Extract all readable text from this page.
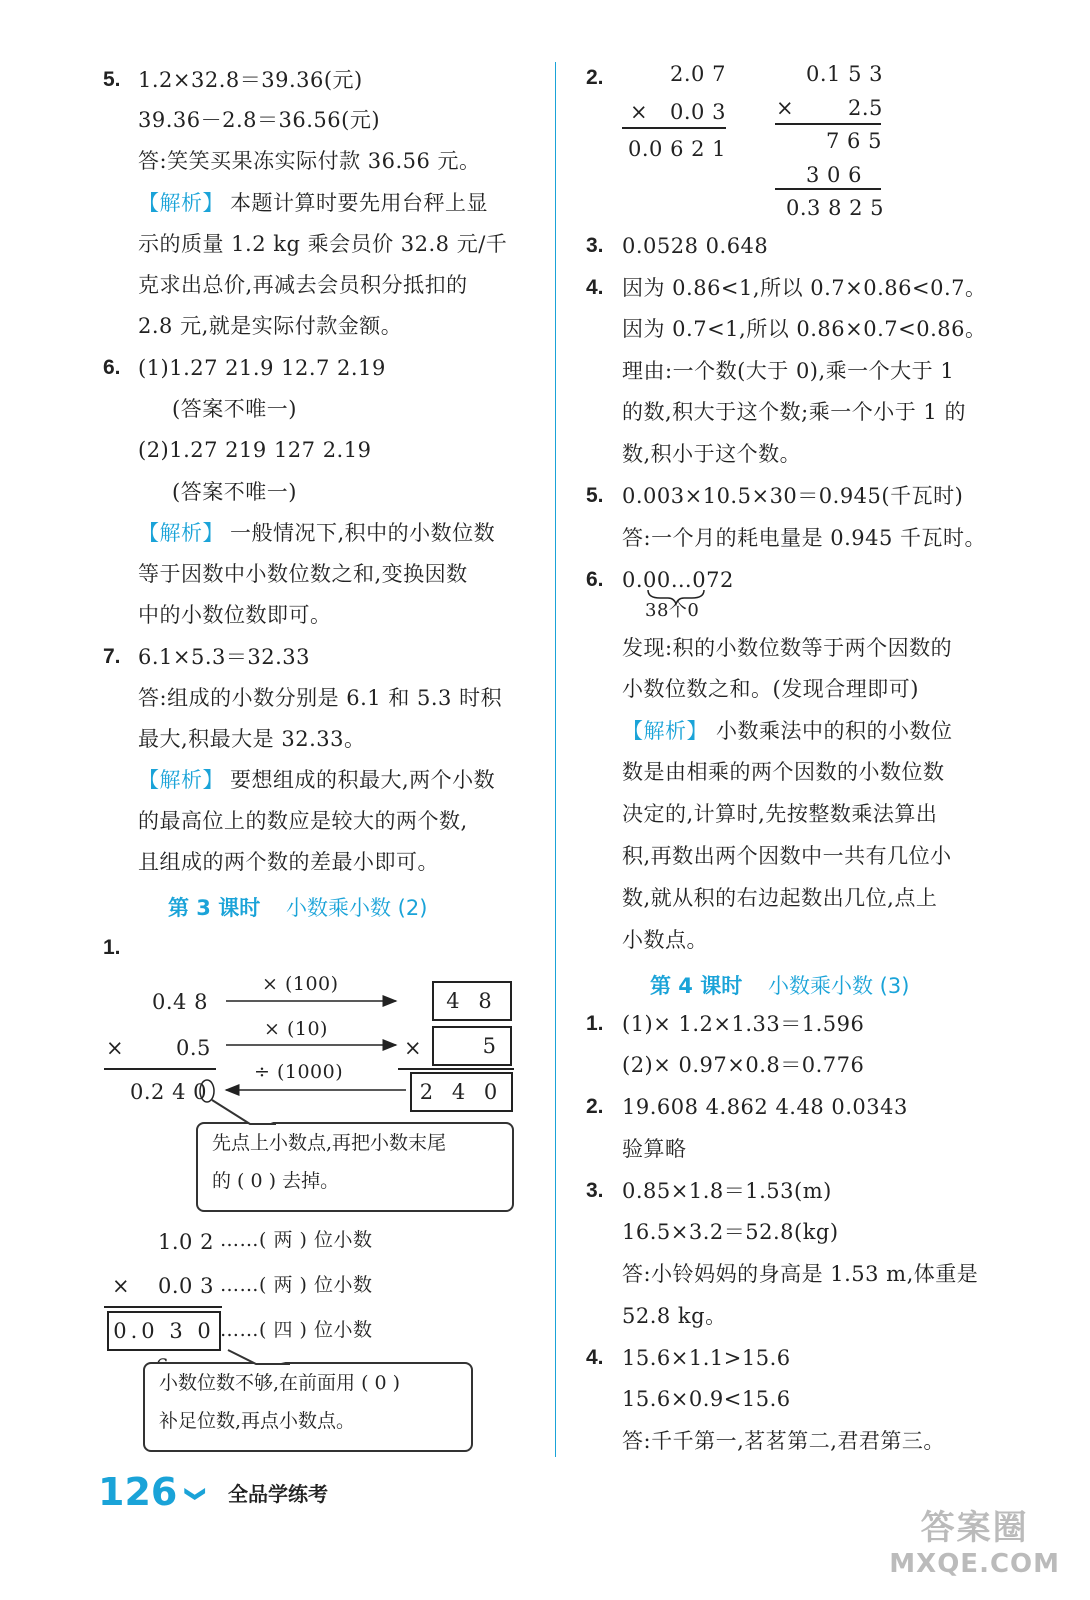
5. 1.2×32.8＝39.36(元)
39.36－2.8＝36.56(元)
答:笑笑买果冻实际付款 36.56 元。
【解析】 本题计算时要先用台秤上显
示的质量 1.2 kg 乘会员价 32.8 元/千
克求出总价,再减去会员积分抵扣的
2.8 元,就是实际付款金额。
6. (1)1.27 21.9 12.7 2.19
(答案不唯一)
(2)1.27 219 127 2.19
(答案不唯一)
【解析】 一般情况下,积中的小数位数
等于因数中小数位数之和,变换因数
中的小数位数即可。
7. 6.1×5.3＝32.33
答:组成的小数分别是 6.1 和 5.3 时积
最大,积最大是 32.33。
【解析】 要想组成的积最大,两个小数
的最高位上的数应是较大的两个数,
且组成的两个数的差最小即可。
第 3 课时 小数乘小数 (2)
1.
0.4 8
× 0.5
0.2 4 0
× (100)
× (10)
÷ (1000)
4 8
×	5
2 4 0
先点上小数点,再把小数末尾
的 ( 0 ) 去掉。
1.0 2 ……( 两 ) 位小数
× 0.0 3 ……( 两 ) 位小数
0.0 3 0 ……( 四 ) 位小数
小数位数不够,在前面用 ( 0 )
补足位数,再点小数点。
2.	2.0 7
× 0.0 3
0.0 6 2 1
0.1 5 3
×	2.5
7 6 5
3 0 6
0.3 8 2 5
3. 0.0528 0.648
4. 因为 0.86<1,所以 0.7×0.86<0.7。
因为 0.7<1,所以 0.86×0.7<0.86。
理由:一个数(大于 0),乘一个大于 1
的数,积大于这个数;乘一个小于 1 的
数,积小于这个数。
5. 0.003×10.5×30＝0.945(千瓦时)
答:一个月的耗电量是 0.945 千瓦时。
6. 0.00…072
38个0
发现:积的小数位数等于两个因数的
小数位数之和。(发现合理即可)
【解析】 小数乘法中的积的小数位
数是由相乘的两个因数的小数位数
决定的,计算时,先按整数乘法算出
积,再数出两个因数中一共有几位小
数,就从积的右边起数出几位,点上
小数点。
第 4 课时 小数乘小数 (3)
1. (1)× 1.2×1.33＝1.596
(2)× 0.97×0.8＝0.776
2. 19.608 4.862 4.48 0.0343
验算略
3. 0.85×1.8＝1.53(m)
16.5×3.2＝52.8(kg)
答:小铃妈妈的身高是 1.53 m,体重是
52.8 kg。
4. 15.6×1.1>15.6
15.6×0.9<15.6
答:千千第一,茗茗第二,君君第三。
126 ❯ 全品学练考
答案圈
MXQE.COM
